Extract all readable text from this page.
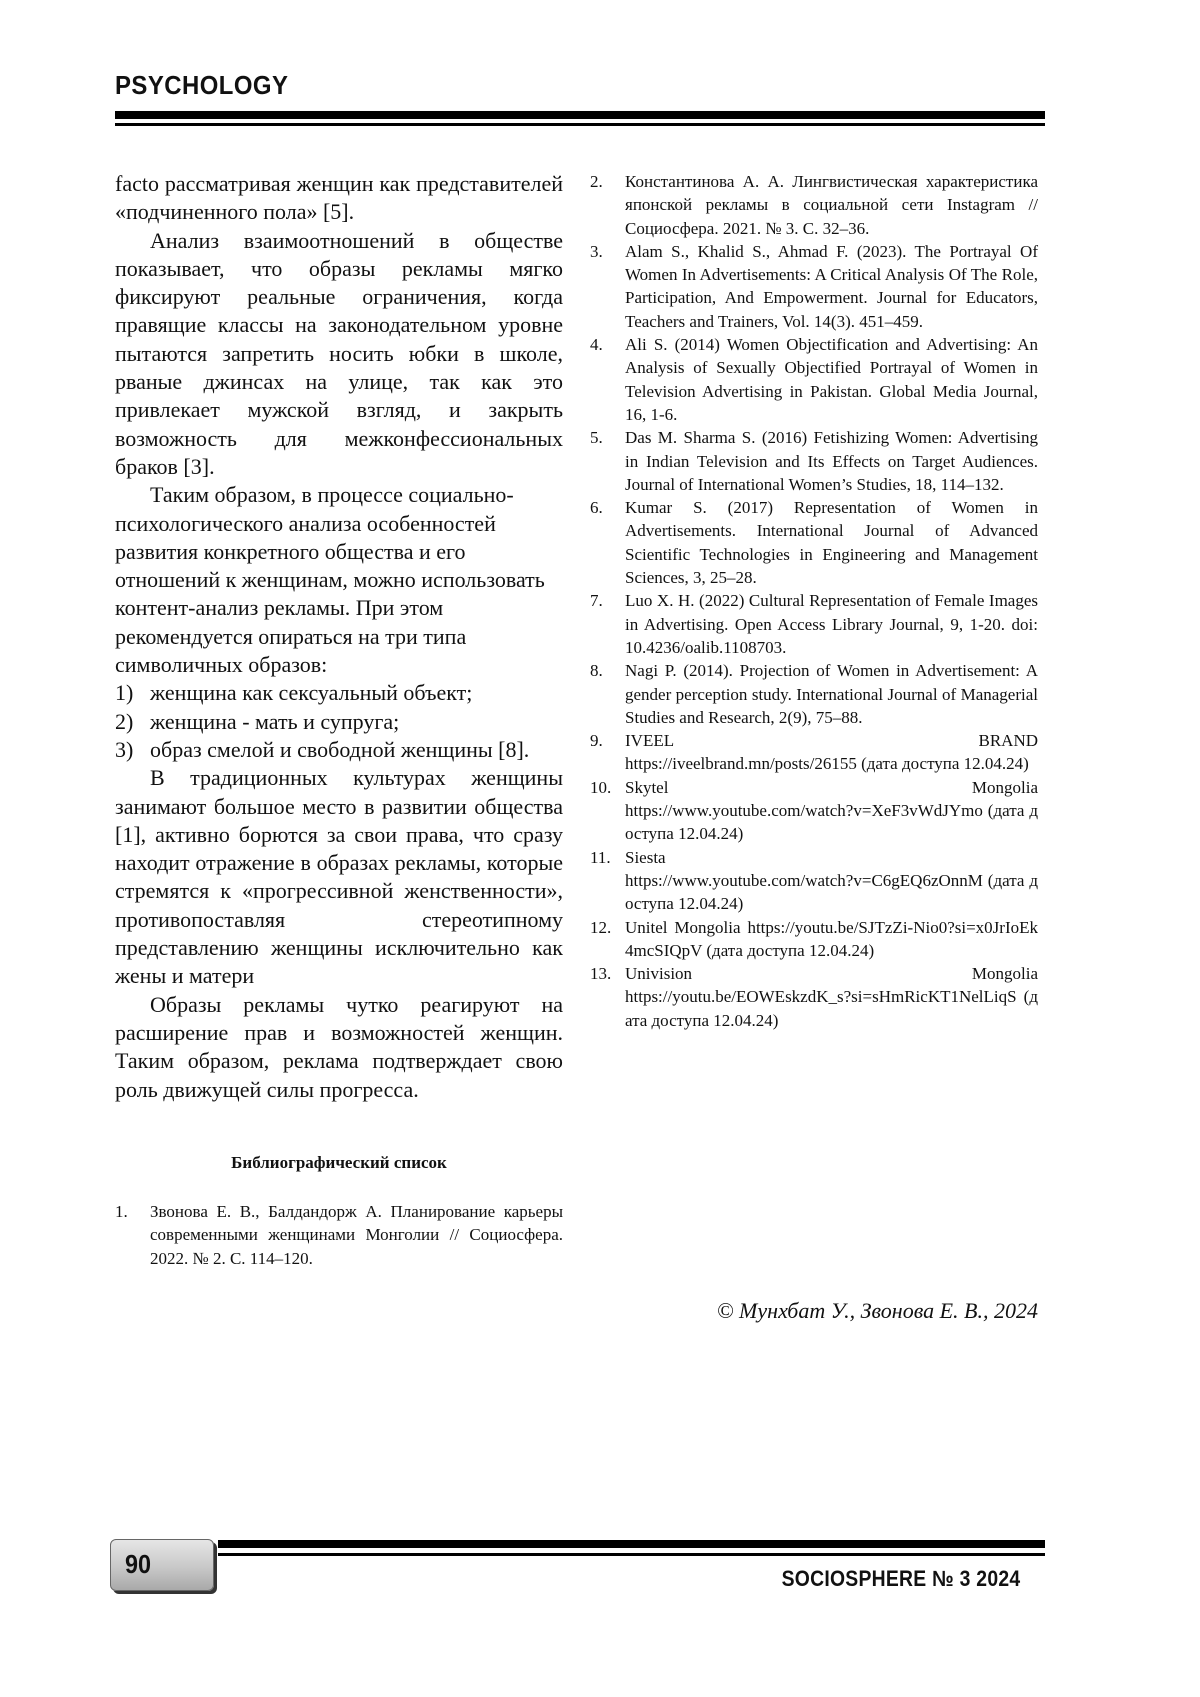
PSYCHOLOGY

facto рассматривая женщин как представителей «подчиненного пола» [5].

Анализ взаимоотношений в обществе показывает, что образы рекламы мягко фиксируют реальные ограничения, когда правящие классы на законодательном уровне пытаются запретить носить юбки в школе, рваные джинсах на улице, так как это привлекает мужской взгляд, и закрыть возможность для межконфессиональных браков [3].

Таким образом, в процессе социально-психологического анализа особенностей развития конкретного общества и его отношений к женщинам, можно использовать контент-анализ рекламы. При этом рекомендуется опираться на три типа символичных образов:

1) женщина как сексуальный объект;
2) женщина - мать и супруга;
3) образ смелой и свободной женщины [8].

В традиционных культурах женщины занимают большое место в развитии общества [1], активно борются за свои права, что сразу находит отражение в образах рекламы, которые стремятся к «прогрессивной женственности», противопоставляя стереотипному представлению женщины исключительно как жены и матери

Образы рекламы чутко реагируют на расширение прав и возможностей женщин. Таким образом, реклама подтверждает свою роль движущей силы прогресса.

Библиографический список
1.	Звонова Е. В., Балдандорж А. Планирование карьеры современными женщинами Монголии // Социосфера. 2022. № 2. С. 114–120.
2.	Константинова А. А. Лингвистическая характеристика японской рекламы в социальной сети Instagram // Социосфера. 2021. № 3. С. 32–36.
3.	Alam S., Khalid S., Ahmad F. (2023). The Portrayal Of Women In Advertisements: A Critical Analysis Of The Role, Participation, And Empowerment. Journal for Educators, Teachers and Trainers, Vol. 14(3). 451–459.
4.	Ali S. (2014) Women Objectification and Advertising: An Analysis of Sexually Objectified Portrayal of Women in Television Advertising in Pakistan. Global Media Journal, 16, 1-6.
5.	Das M. Sharma S. (2016) Fetishizing Women: Advertising in Indian Television and Its Effects on Target Audiences. Journal of International Women’s Studies, 18, 114–132.
6.	Kumar S. (2017) Representation of Women in Advertisements. International Journal of Advanced Scientific Technologies in Engineering and Management Sciences, 3, 25–28.
7.	Luo X. H. (2022) Cultural Representation of Female Images in Advertising. Open Access Library Journal, 9, 1-20. doi: 10.4236/oalib.1108703.
8.	Nagi P. (2014). Projection of Women in Advertisement: A gender perception study. International Journal of Managerial Studies and Research, 2(9), 75–88.
9.	IVEEL	BRAND
https://iveelbrand.mn/posts/26155 (дата доступа 12.04.24)
10. Skytel	Mongolia
https://www.youtube.com/watch?v=XeF3vWdJYmo (дата доступа 12.04.24)
11. Siesta
https://www.youtube.com/watch?v=C6gEQ6zOnnM (дата доступа 12.04.24)
12. Unitel Mongolia https://youtu.be/SJTzZi-Nio0?si=x0JrIoEk4mcSIQpV (дата доступа 12.04.24)
13. Univision	Mongolia
https://youtu.be/EOWEskzdK_s?si=sHmRicKT1NelLiqS (дата доступа 12.04.24)
© Мунхбат У., Звонова Е. В., 2024
90	SOCIOSPHERE № 3 2024
